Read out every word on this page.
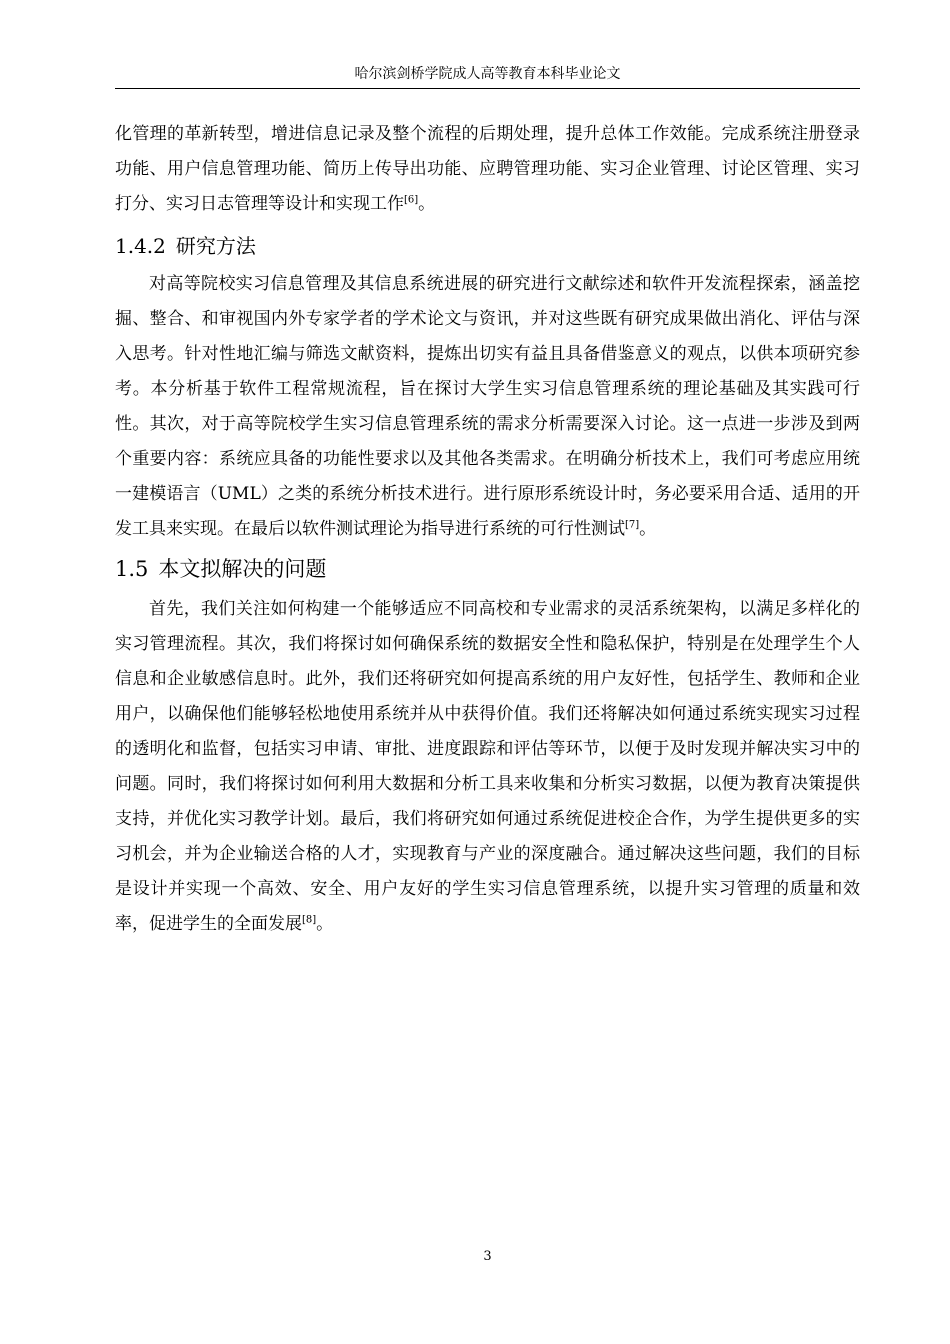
哈尔滨剑桥学院成人高等教育本科毕业论文

化管理的革新转型，增进信息记录及整个流程的后期处理，提升总体工作效能。完成系统注册登录功能、用户信息管理功能、简历上传导出功能、应聘管理功能、实习企业管理、讨论区管理、实习打分、实习日志管理等设计和实现工作[6]。

1.4.2 研究方法

对高等院校实习信息管理及其信息系统进展的研究进行文献综述和软件开发流程探索，涵盖挖掘、整合、和审视国内外专家学者的学术论文与资讯，并对这些既有研究成果做出消化、评估与深入思考。针对性地汇编与筛选文献资料，提炼出切实有益且具备借鉴意义的观点，以供本项研究参考。本分析基于软件工程常规流程，旨在探讨大学生实习信息管理系统的理论基础及其实践可行性。其次，对于高等院校学生实习信息管理系统的需求分析需要深入讨论。这一点进一步涉及到两个重要内容：系统应具备的功能性要求以及其他各类需求。在明确分析技术上，我们可考虑应用统一建模语言（UML）之类的系统分析技术进行。进行原形系统设计时，务必要采用合适、适用的开发工具来实现。在最后以软件测试理论为指导进行系统的可行性测试[7]。

1.5 本文拟解决的问题

首先，我们关注如何构建一个能够适应不同高校和专业需求的灵活系统架构，以满足多样化的实习管理流程。其次，我们将探讨如何确保系统的数据安全性和隐私保护，特别是在处理学生个人信息和企业敏感信息时。此外，我们还将研究如何提高系统的用户友好性，包括学生、教师和企业用户，以确保他们能够轻松地使用系统并从中获得价值。我们还将解决如何通过系统实现实习过程的透明化和监督，包括实习申请、审批、进度跟踪和评估等环节，以便于及时发现并解决实习中的问题。同时，我们将探讨如何利用大数据和分析工具来收集和分析实习数据，以便为教育决策提供支持，并优化实习教学计划。最后，我们将研究如何通过系统促进校企合作，为学生提供更多的实习机会，并为企业输送合格的人才，实现教育与产业的深度融合。通过解决这些问题，我们的目标是设计并实现一个高效、安全、用户友好的学生实习信息管理系统，以提升实习管理的质量和效率，促进学生的全面发展[8]。

3
